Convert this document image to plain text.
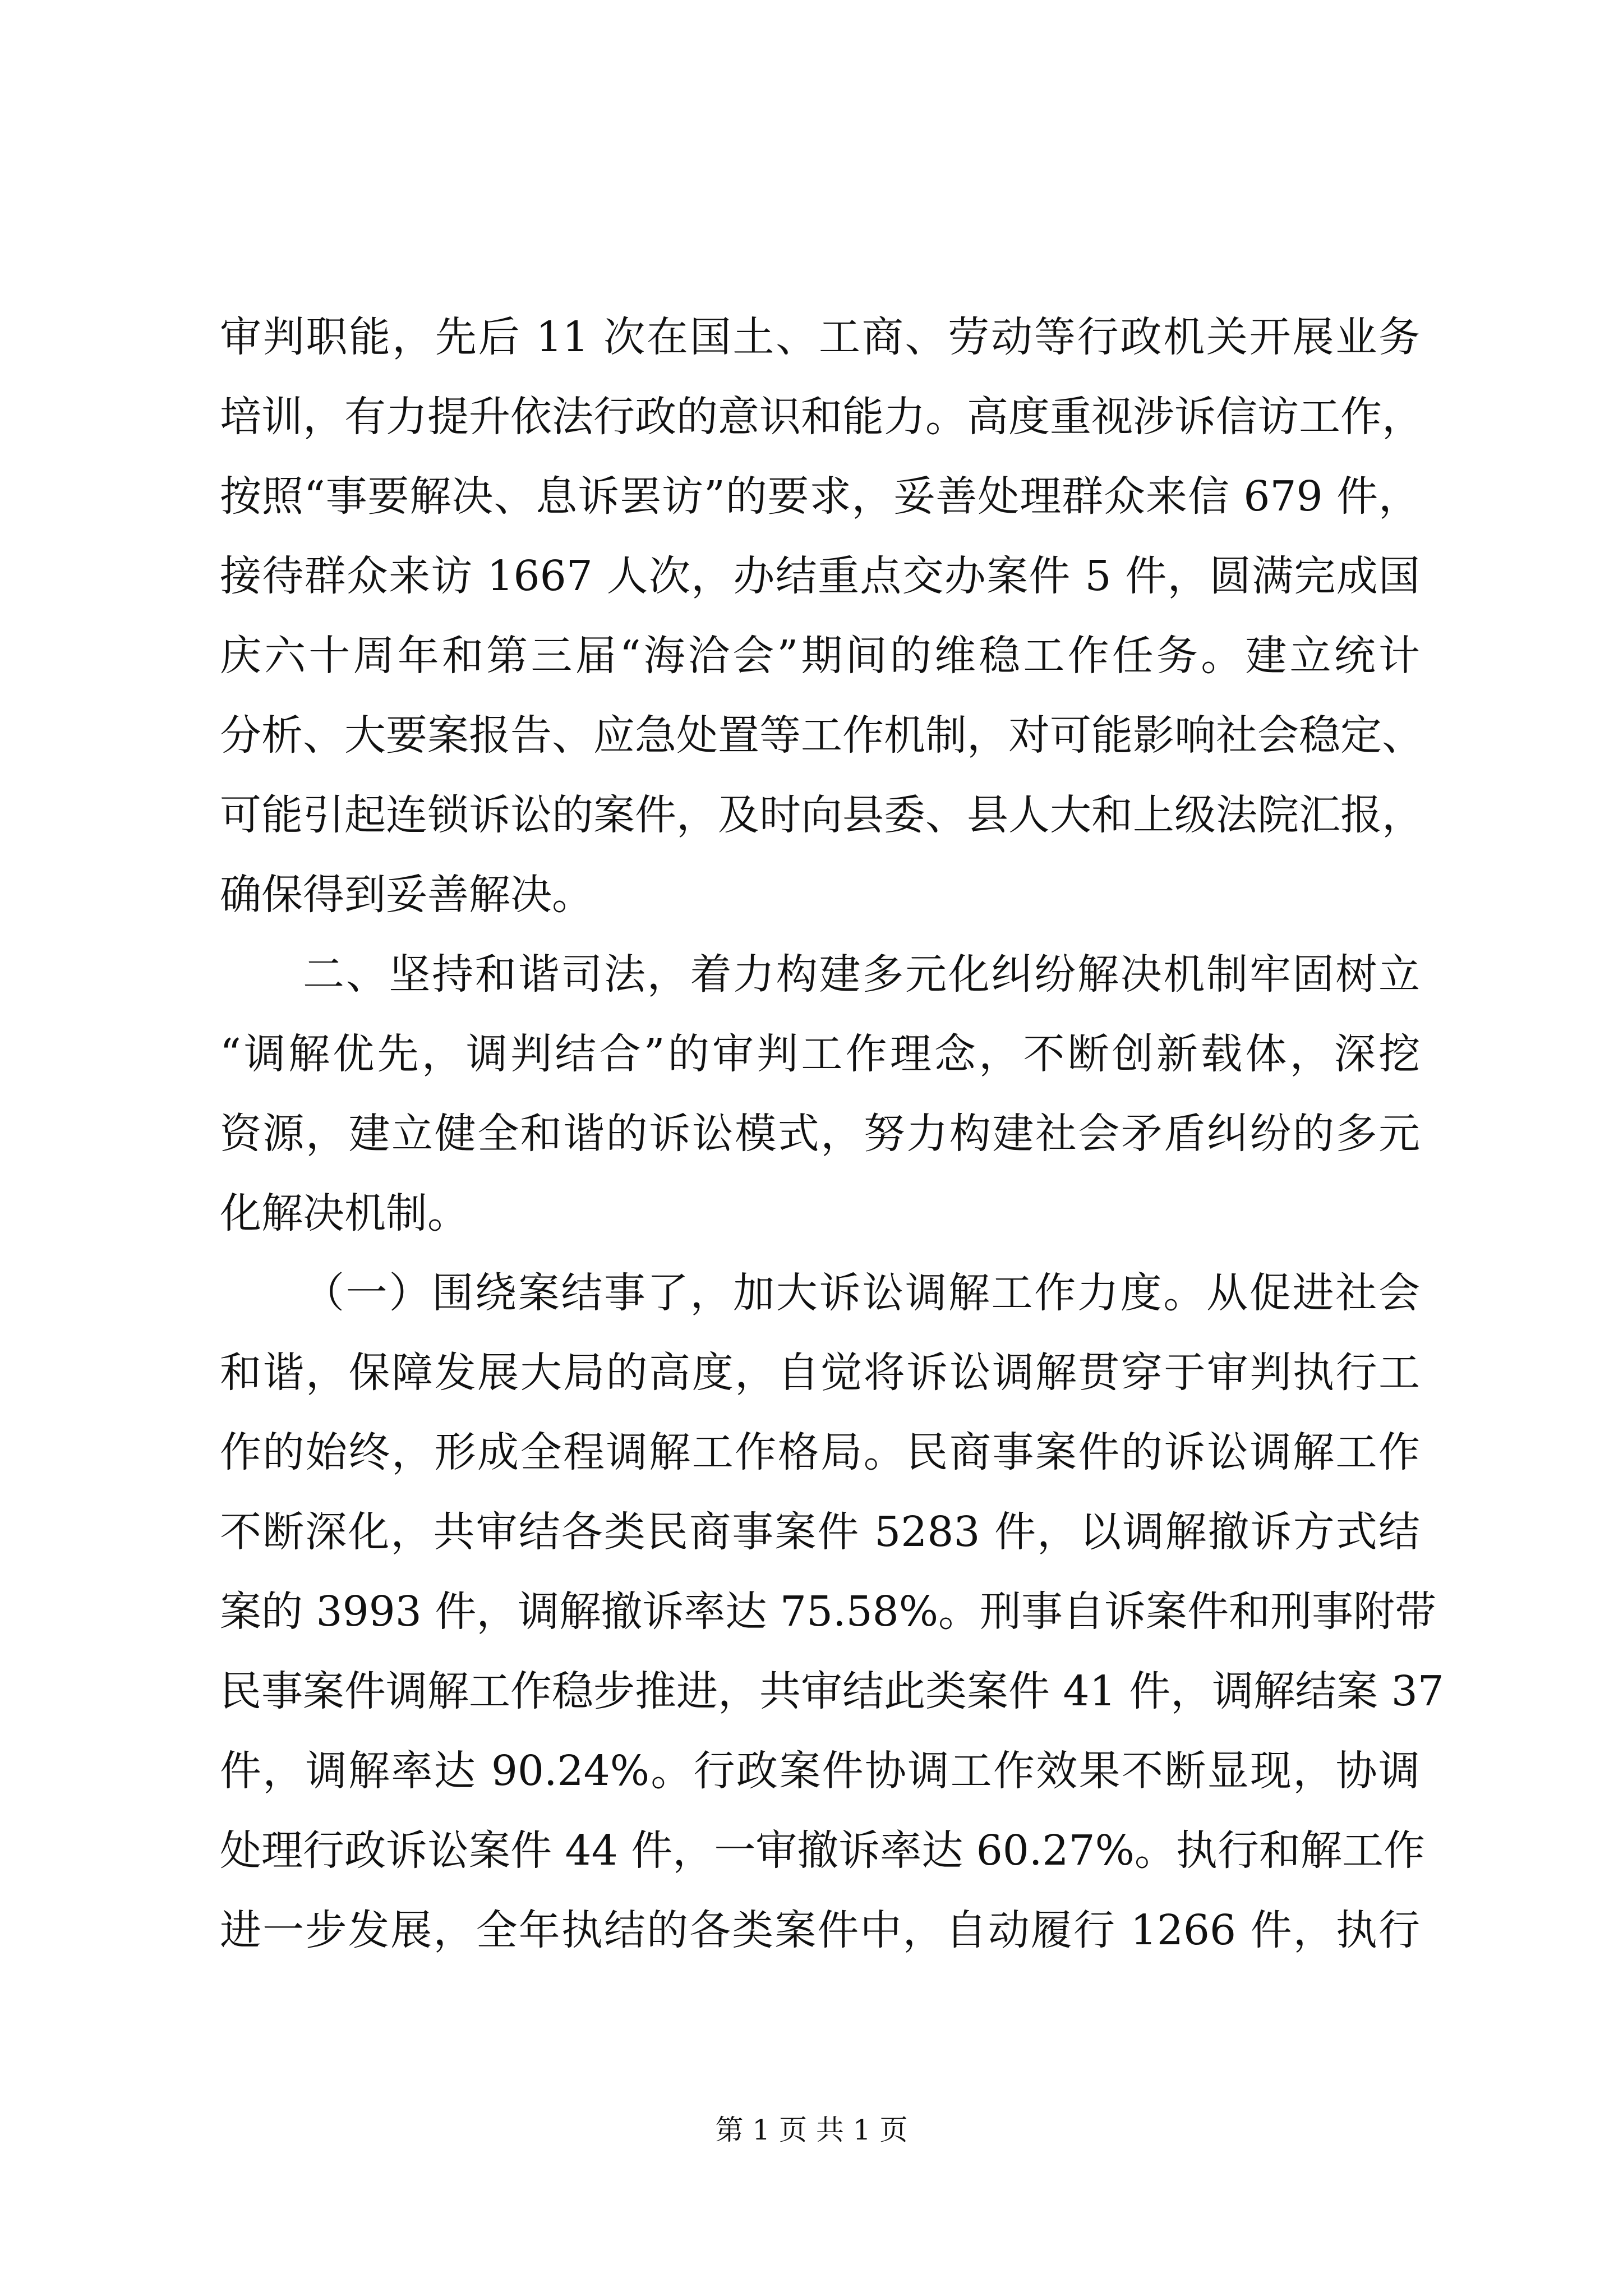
审判职能，先后 11 次在国土、工商、劳动等行政机关开展业务
培训，有力提升依法行政的意识和能力。高度重视涉诉信访工作，
按照“事要解决、息诉罢访”的要求，妥善处理群众来信 679 件，
接待群众来访 1667 人次，办结重点交办案件 5 件，圆满完成国
庆六十周年和第三届“海洽会”期间的维稳工作任务。建立统计
分析、大要案报告、应急处置等工作机制，对可能影响社会稳定、
可能引起连锁诉讼的案件，及时向县委、县人大和上级法院汇报，
确保得到妥善解决。
二、坚持和谐司法，着力构建多元化纠纷解决机制牢固树立
“调解优先，调判结合”的审判工作理念，不断创新载体，深挖
资源，建立健全和谐的诉讼模式，努力构建社会矛盾纠纷的多元
化解决机制。
（一）围绕案结事了，加大诉讼调解工作力度。从促进社会
和谐，保障发展大局的高度，自觉将诉讼调解贯穿于审判执行工
作的始终，形成全程调解工作格局。民商事案件的诉讼调解工作
不断深化，共审结各类民商事案件 5283 件，以调解撤诉方式结
案的 3993 件，调解撤诉率达 75.58%。刑事自诉案件和刑事附带
民事案件调解工作稳步推进，共审结此类案件 41 件，调解结案 37
件，调解率达 90.24%。行政案件协调工作效果不断显现，协调
处理行政诉讼案件 44 件，一审撤诉率达 60.27%。执行和解工作
进一步发展，全年执结的各类案件中，自动履行 1266 件，执行
第 1 页 共 1 页
